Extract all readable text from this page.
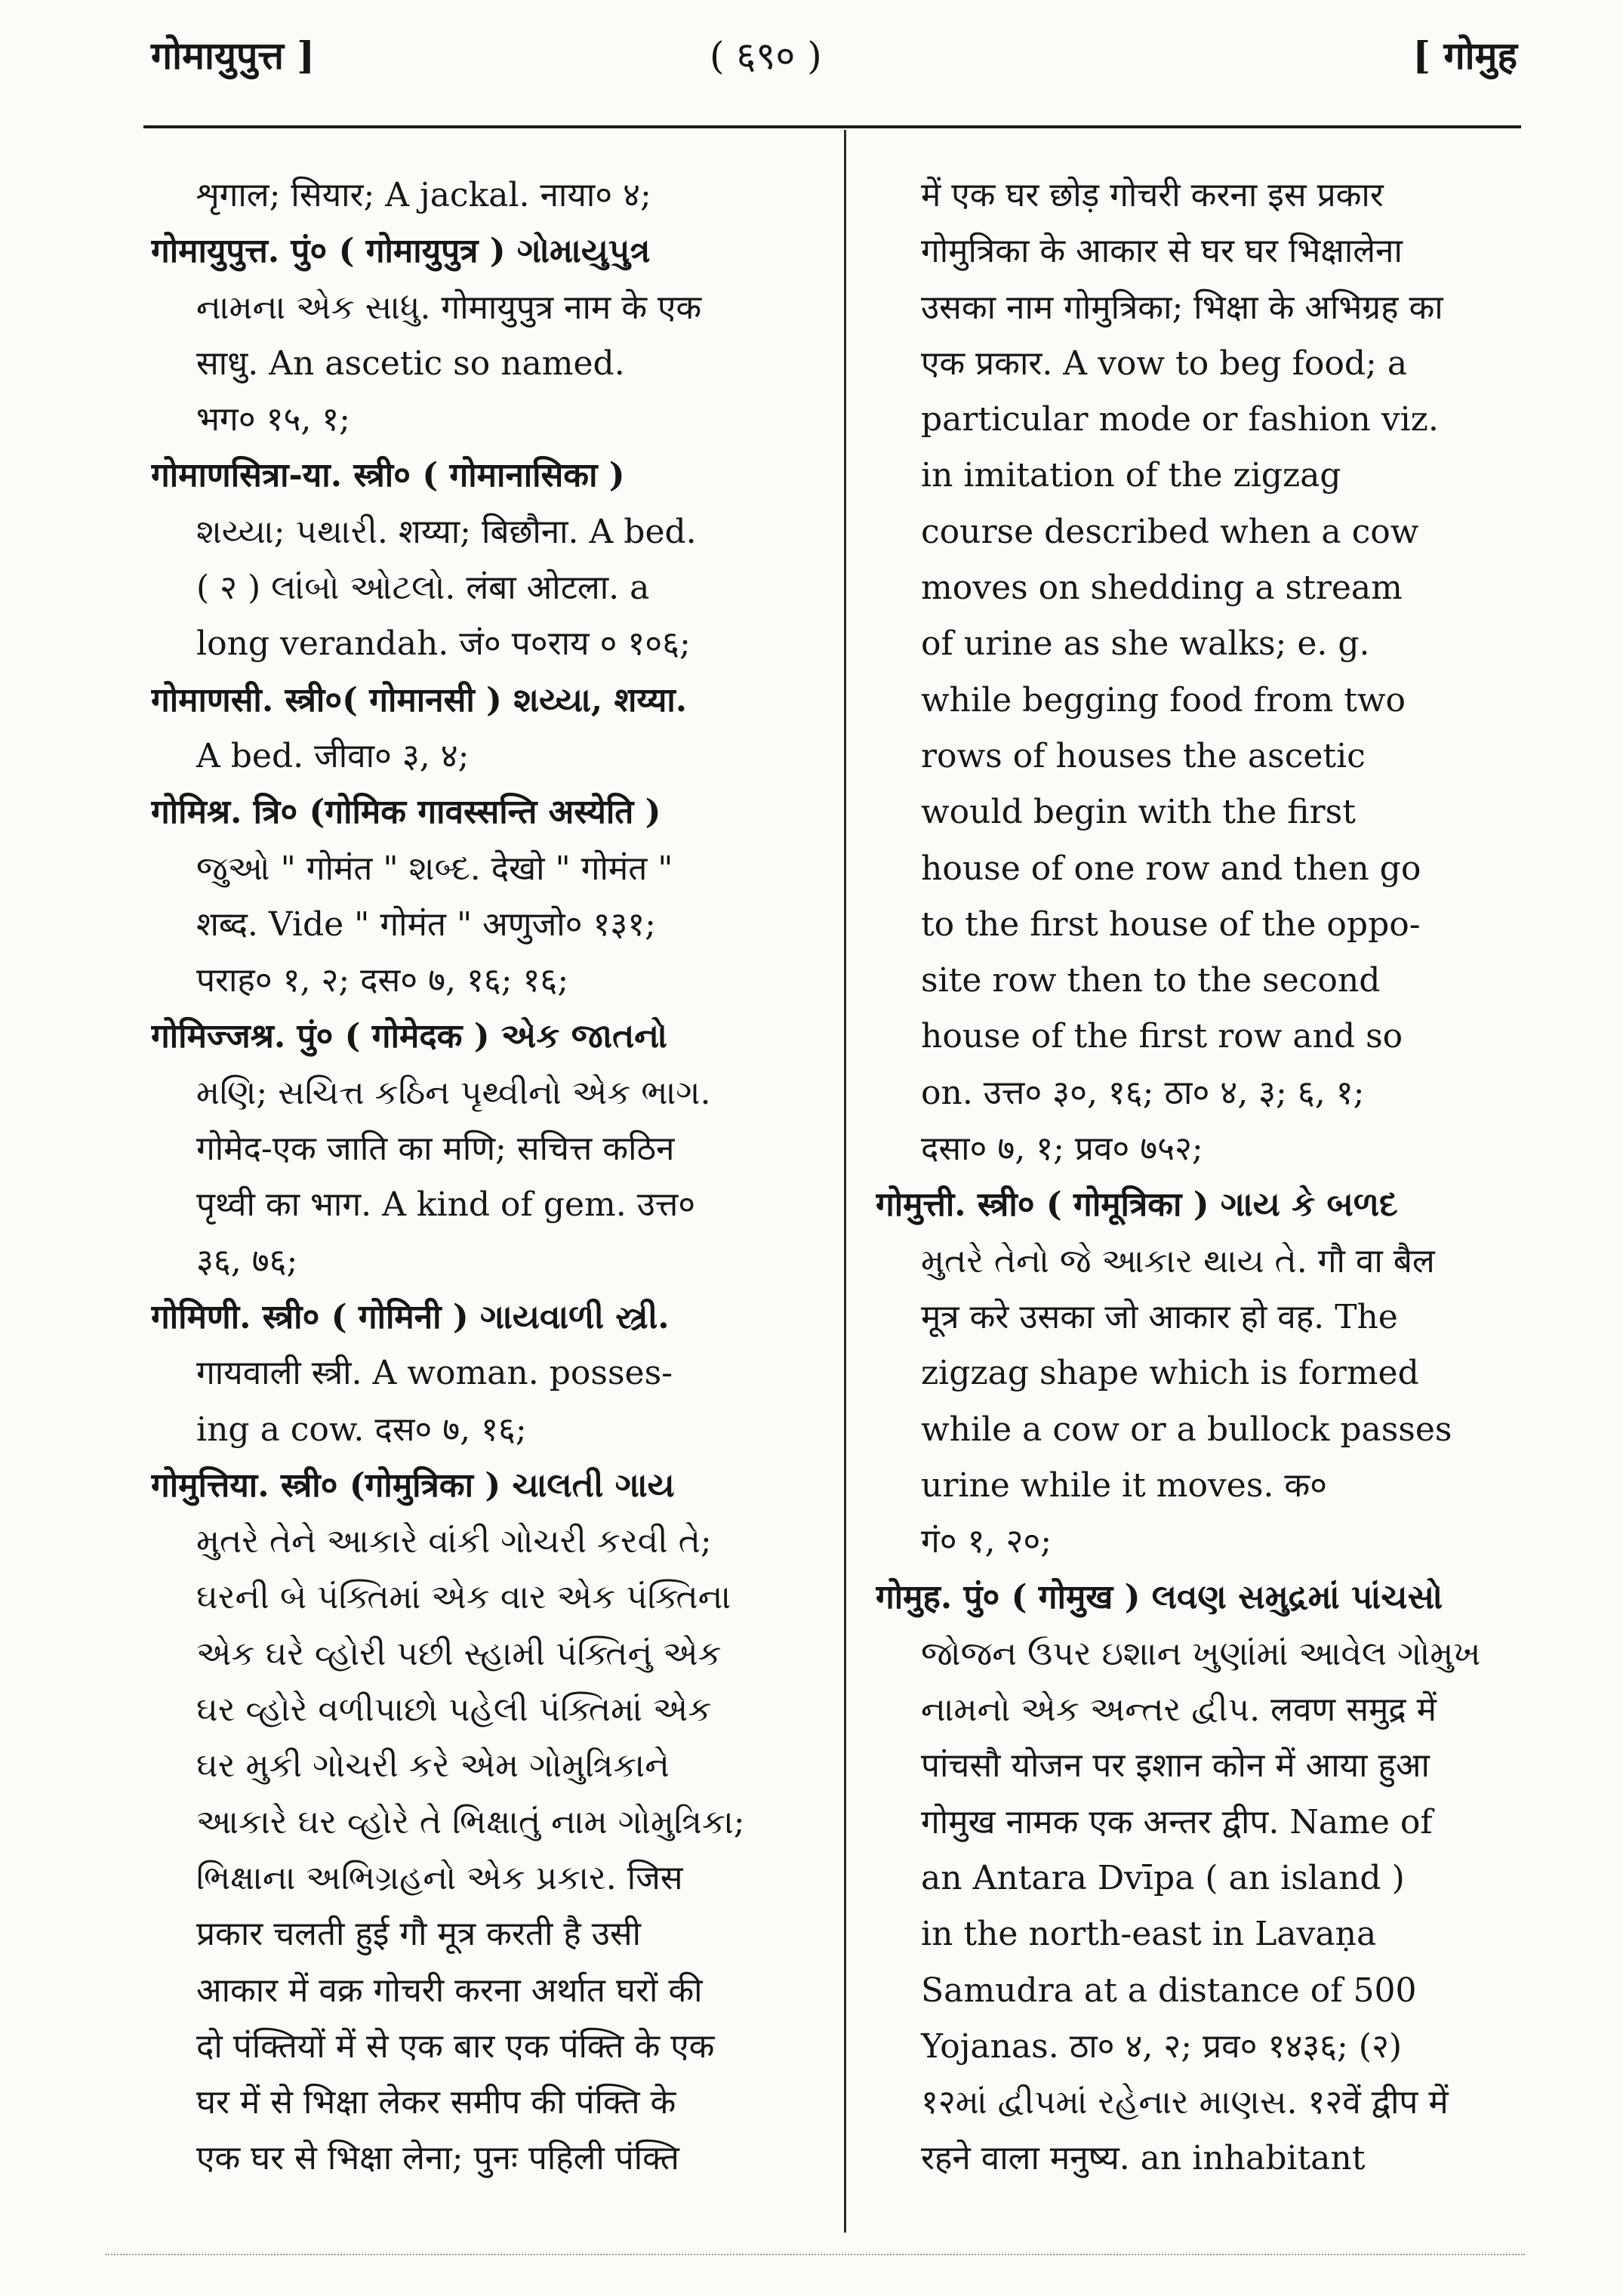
गोमायुपुत्त ]	( ६९० )	[ गोमुह
शृगाल; सियार; A jackal. नाया० ४;
गोमायुपुत्त. पुं० ( गोमायुपुत्र ) ગોમાયુપુત્ર
નામના એક સાધુ. गोमायुपुत्र नाम के एक
साधु. An ascetic so named.
भग० १५, १;
गोमाणसित्रा-या. स्त्री० ( गोमानासिका )
શય્યા; પથારી. शय्या; बिछौना. A bed.
( २ ) લાંબો ઓટલો. लंबा ओटला. a
long verandah. जं० प०राय ० १०६;
गोमाणसी. स्त्री०( गोमानसी ) શય્યા, शय्या.
A bed. जीवा० ३, ४;
गोमिश्र. त्रि० (गोमिक गावस्सन्ति अस्येति )
જુઓ " गोमंत " શબ્દ. देखो " गोमंत "
शब्द. Vide " गोमंत " अणुजो० १३१;
पराह० १, २; दस० ७, १६; १६;
गोमिज्जश्र. पुं० ( गोमेदक ) એક જાતનો
મણિ; સચિત્ત કઠિન પૃથ્વીનો એક ભાગ.
गोमेद-एक जाति का मणि; सचित्त कठिन
पृथ्वी का भाग. A kind of gem. उत्त०
३६, ७६;
गोमिणी. स्त्री० ( गोमिनी ) ગાયવાળી સ્ત્રી.
गायवाली स्त्री. A woman. posses-
ing a cow. दस० ७, १६;
गोमुत्तिया. स्त्री० (गोमुत्रिका ) ચાલતી ગાય
મુતરે તેને આકારે વાંકી ગોચરી કરવી તે;
ઘરની બે પંક્તિમાં એક વાર એક પંક્તિના
એક ઘરે વ્હોરી પછી સ્હામી પંક્તિનું એક
ઘર વ્હોરે વળીપાછો પહેલી પંક્તિમાં એક
ઘર મુકી ગોચરી કરે એમ ગોમુત્રિકાને
આકારે ઘર વ્હોરે તે ભિક્ષાતું નામ ગોમુત્રિકા;
ભિક્ષાના અભિગ્રહનો એક પ્રકાર. जिस
प्रकार चलती हुई गौ मूत्र करती है उसी
आकार में वक्र गोचरी करना अर्थात घरों की
दो पंक्तियों में से एक बार एक पंक्ति के एक
घर में से भिक्षा लेकर समीप की पंक्ति के
एक घर से भिक्षा लेना; पुनः पहिली पंक्ति
में एक घर छोड़ गोचरी करना इस प्रकार
गोमुत्रिका के आकार से घर घर भिक्षालेना
उसका नाम गोमुत्रिका; भिक्षा के अभिग्रह का
एक प्रकार. A vow to beg food; a
particular mode or fashion viz.
in imitation of the zigzag
course described when a cow
moves on shedding a stream
of urine as she walks; e. g.
while begging food from two
rows of houses the ascetic
would begin with the first
house of one row and then go
to the first house of the oppo-
site row then to the second
house of the first row and so
on. उत्त० ३०, १६; ठा० ४, ३; ६, १;
दसा० ७, १; प्रव० ७५२;
गोमुत्ती. स्त्री० ( गोमूत्रिका ) ગાય કે બળદ
મુતરે તેનો જે આકાર થાય તે. गौ वा बैल
मूत्र करे उसका जो आकार हो वह. The
zigzag shape which is formed
while a cow or a bullock passes
urine while it moves. क०
गं० १, २०;
गोमुह. पुं० ( गोमुख ) લવણ સમુદ્રમાં પાંચસો
જોજન ઉપર ઇશાન ખુણાંમાં આવેલ ગોમુખ
નામનો એક અન્તર દ્વીપ. लवण समुद्र में
पांचसौ योजन पर इशान कोन में आया हुआ
गोमुख नामक एक अन्तर द्वीप. Name of
an Antara Dvīpa ( an island )
in the north-east in Lavaṇa
Samudra at a distance of 500
Yojanas. ठा० ४, २; प्रव० १४३६; (२)
१२માં દ્વીપમાં રહેનાર માણસ. १२वें द्वीप में
रहने वाला मनुष्य. an inhabitant
